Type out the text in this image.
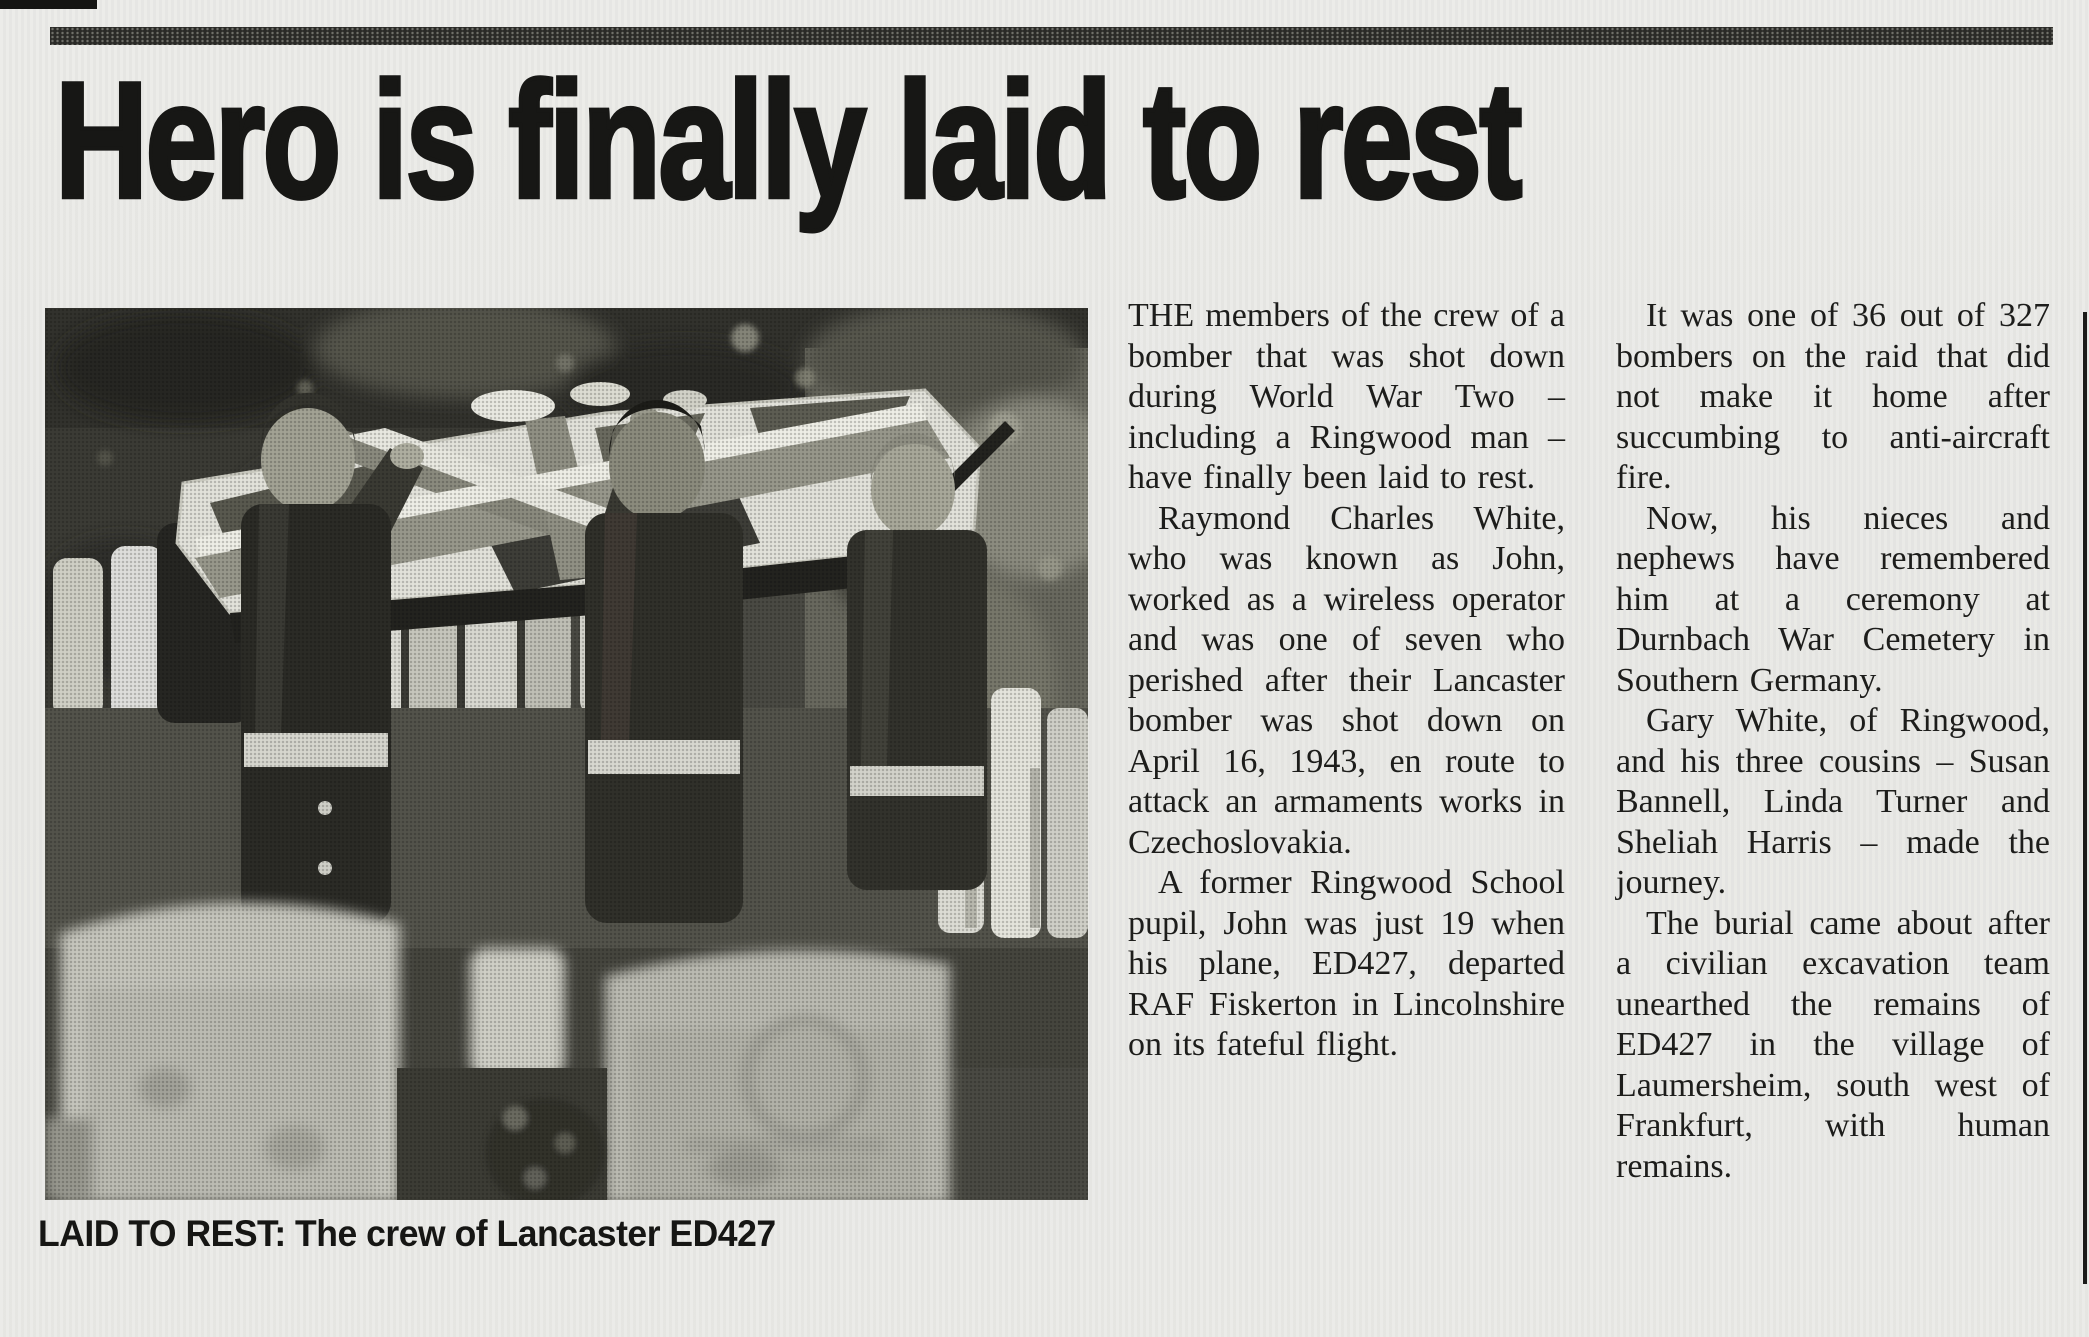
Hero is finally laid to rest

LAID TO REST: The crew of Lancaster ED427

THE members of the crew of a bomber that was shot down during World War Two – including a Ringwood man – have finally been laid to rest.

Raymond Charles White, who was known as John, worked as a wireless operator and was one of seven who perished after their Lancaster bomber was shot down on April 16, 1943, en route to attack an armaments works in Czechoslovakia.

A former Ringwood School pupil, John was just 19 when his plane, ED427, departed RAF Fiskerton in Lincolnshire on its fateful flight.

It was one of 36 out of 327 bombers on the raid that did not make it home after succumbing to anti-aircraft fire.

Now, his nieces and nephews have remembered him at a ceremony at Durnbach War Cemetery in Southern Germany.

Gary White, of Ringwood, and his three cousins – Susan Bannell, Linda Turner and Sheliah Harris – made the journey.

The burial came about after a civilian excavation team unearthed the remains of ED427 in the village of Laumersheim, south west of Frankfurt, with human remains.
